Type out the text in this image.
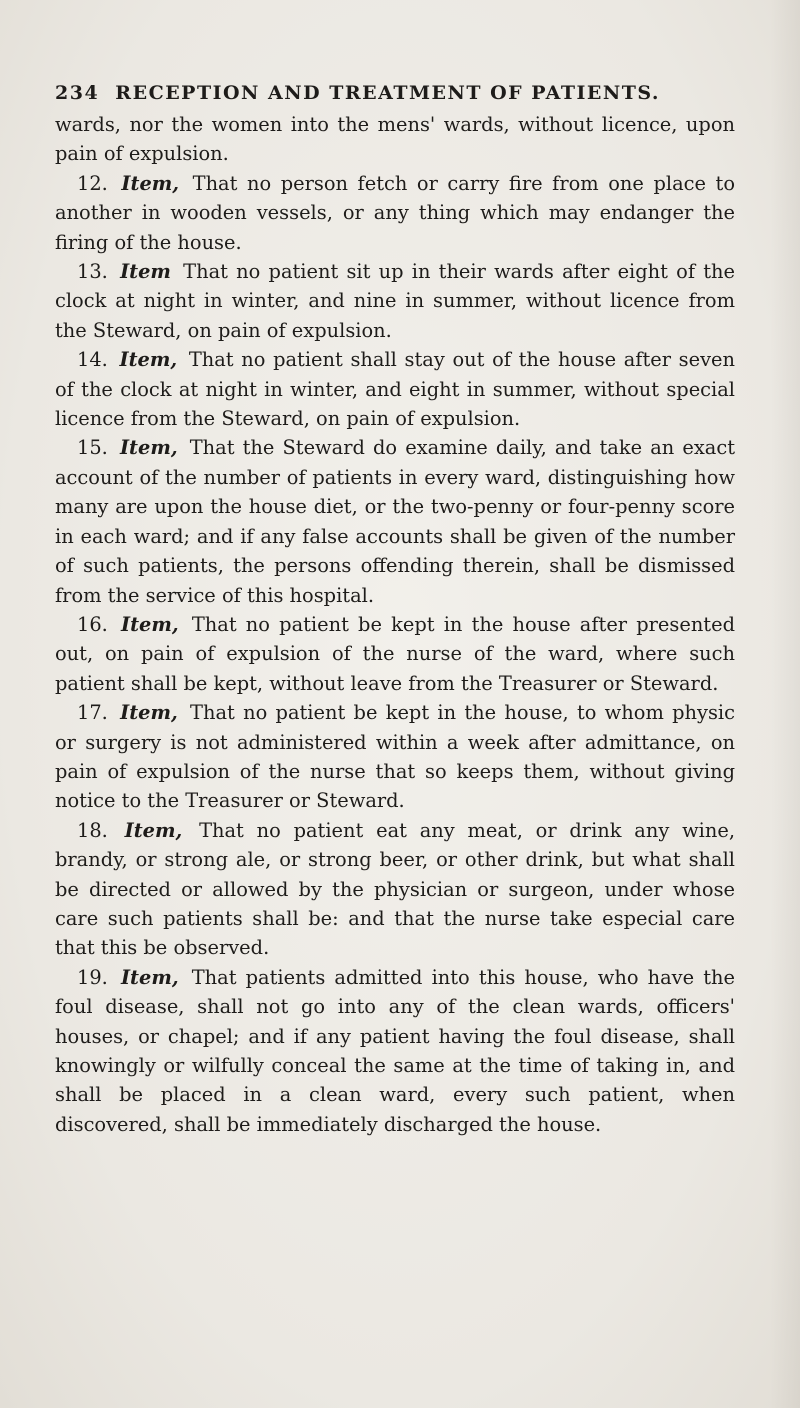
234 RECEPTION AND TREATMENT OF PATIENTS.

wards, nor the women into the mens' wards, without licence, upon pain of expulsion.

12. Item, That no person fetch or carry fire from one place to another in wooden vessels, or any thing which may endanger the firing of the house.

13. Item That no patient sit up in their wards after eight of the clock at night in winter, and nine in summer, without licence from the Steward, on pain of expulsion.

14. Item, That no patient shall stay out of the house after seven of the clock at night in winter, and eight in summer, without special licence from the Steward, on pain of expulsion.

15. Item, That the Steward do examine daily, and take an exact account of the number of patients in every ward, distinguishing how many are upon the house diet, or the two-penny or four-penny score in each ward; and if any false accounts shall be given of the number of such patients, the persons offending therein, shall be dismissed from the service of this hospital.

16. Item, That no patient be kept in the house after presented out, on pain of expulsion of the nurse of the ward, where such patient shall be kept, without leave from the Treasurer or Steward.

17. Item, That no patient be kept in the house, to whom physic or surgery is not administered within a week after admittance, on pain of expulsion of the nurse that so keeps them, without giving notice to the Treasurer or Steward.

18. Item, That no patient eat any meat, or drink any wine, brandy, or strong ale, or strong beer, or other drink, but what shall be directed or allowed by the physician or surgeon, under whose care such patients shall be: and that the nurse take especial care that this be observed.

19. Item, That patients admitted into this house, who have the foul disease, shall not go into any of the clean wards, officers' houses, or chapel; and if any patient having the foul disease, shall knowingly or wilfully conceal the same at the time of taking in, and shall be placed in a clean ward, every such patient, when discovered, shall be immediately discharged the house.
